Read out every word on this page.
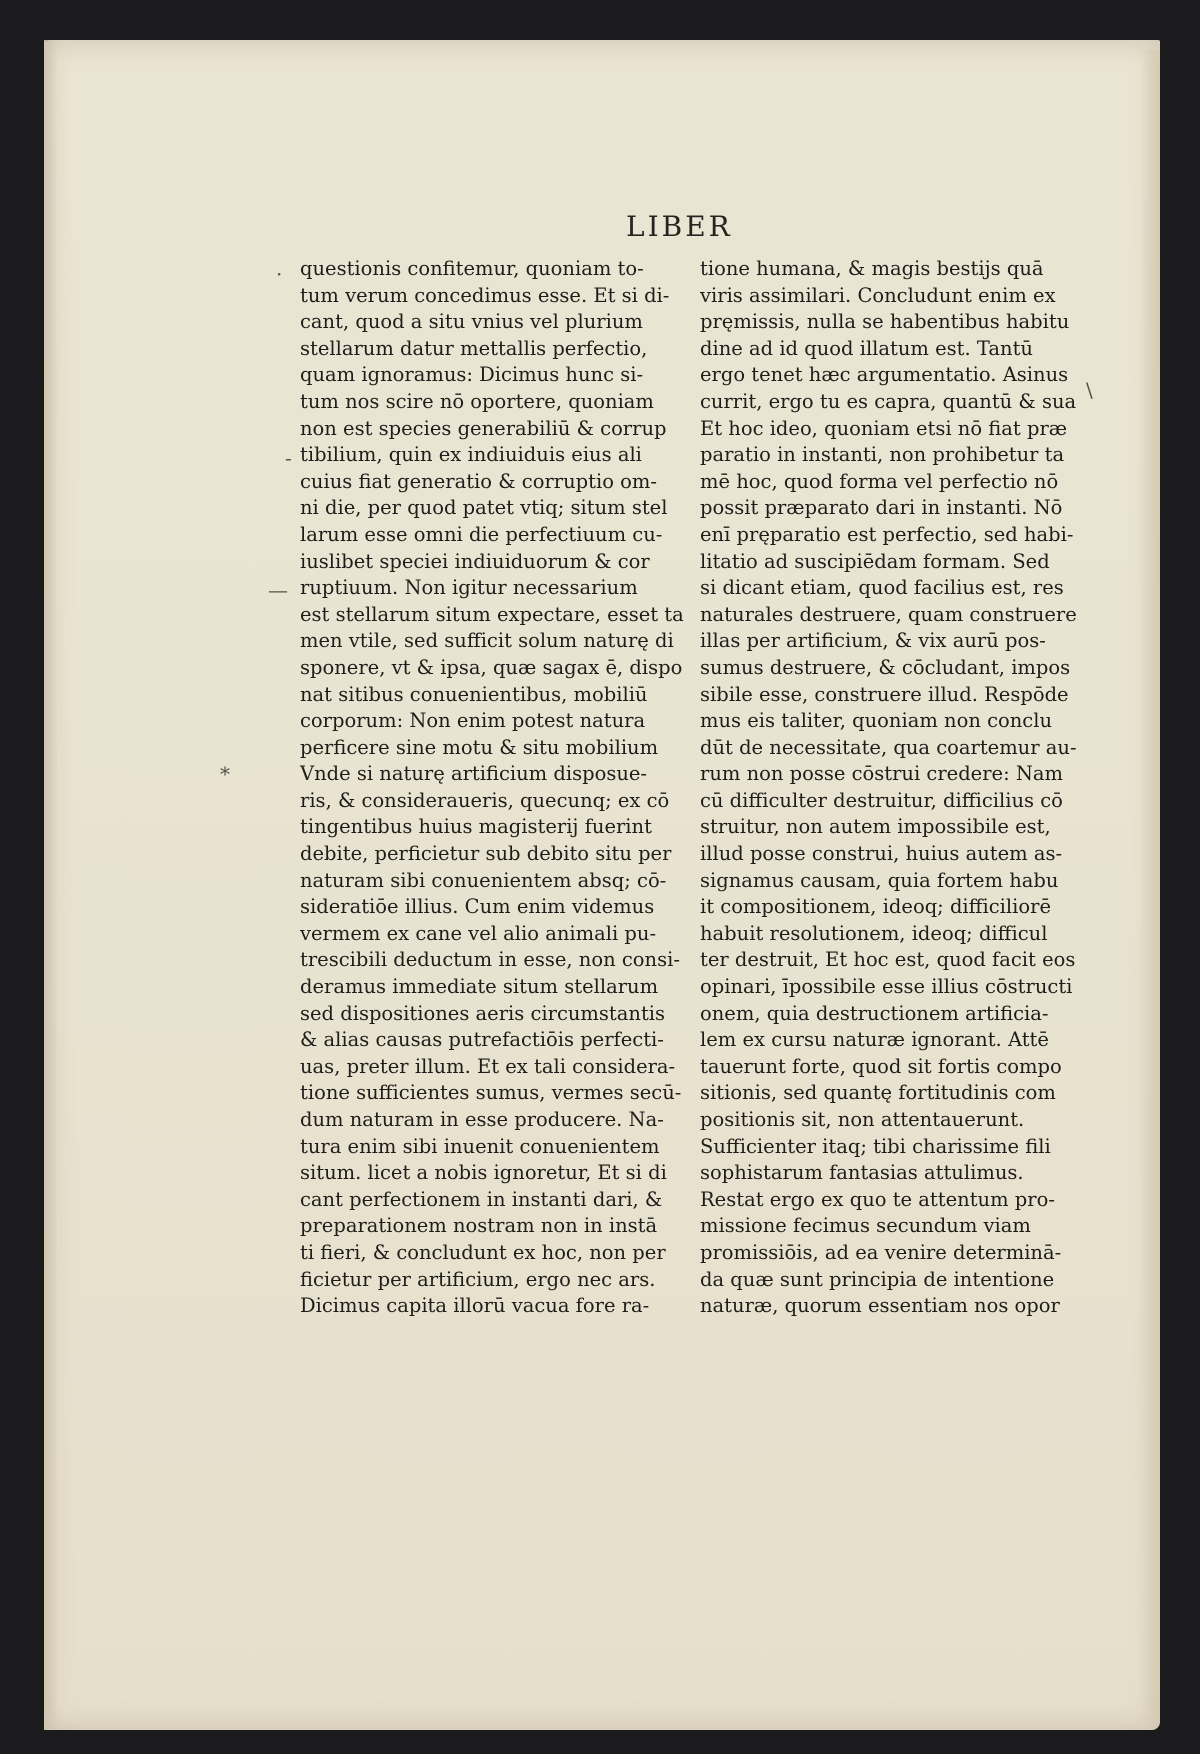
LIBER
·
-
—
*
\
questionis confitemur, quoniam to-
tum verum concedimus esse. Et si di-
cant, quod a situ vnius vel plurium
stellarum datur mettallis perfectio,
quam ignoramus: Dicimus hunc si-
tum nos scire nō oportere, quoniam
non est species generabiliū & corrup
tibilium, quin ex indiuiduis eius ali
cuius fiat generatio & corruptio om-
ni die, per quod patet vtiq; situm stel
larum esse omni die perfectiuum cu-
iuslibet speciei indiuiduorum & cor
ruptiuum. Non igitur necessarium
est stellarum situm expectare, esset ta
men vtile, sed sufficit solum naturę di
sponere, vt & ipsa, quæ sagax ē, dispo
nat sitibus conuenientibus, mobiliū
corporum: Non enim potest natura
perficere sine motu & situ mobilium
Vnde si naturę artificium disposue-
ris, & consideraueris, quecunq; ex cō
tingentibus huius magisterij fuerint
debite, perficietur sub debito situ per
naturam sibi conuenientem absq; cō-
sideratiōe illius. Cum enim videmus
vermem ex cane vel alio animali pu-
trescibili deductum in esse, non consi-
deramus immediate situm stellarum
sed dispositiones aeris circumstantis
& alias causas putrefactiōis perfecti-
uas, preter illum. Et ex tali considera-
tione sufficientes sumus, vermes secū-
dum naturam in esse producere. Na-
tura enim sibi inuenit conuenientem
situm. licet a nobis ignoretur, Et si di
cant perfectionem in instanti dari, &
preparationem nostram non in instā
ti fieri, & concludunt ex hoc, non per
ficietur per artificium, ergo nec ars.
Dicimus capita illorū vacua fore ra-
tione humana, & magis bestijs quā
viris assimilari. Concludunt enim ex
pręmissis, nulla se habentibus habitu
dine ad id quod illatum est. Tantū
ergo tenet hæc argumentatio. Asinus
currit, ergo tu es capra, quantū & sua
Et hoc ideo, quoniam etsi nō fiat præ
paratio in instanti, non prohibetur ta
mē hoc, quod forma vel perfectio nō
possit præparato dari in instanti. Nō
enī pręparatio est perfectio, sed habi-
litatio ad suscipiēdam formam. Sed
si dicant etiam, quod facilius est, res
naturales destruere, quam construere
illas per artificium, & vix aurū pos-
sumus destruere, & cōcludant, impos
sibile esse, construere illud. Respōde
mus eis taliter, quoniam non conclu
dūt de necessitate, qua coartemur au-
rum non posse cōstrui credere: Nam
cū difficulter destruitur, difficilius cō
struitur, non autem impossibile est,
illud posse construi, huius autem as-
signamus causam, quia fortem habu
it compositionem, ideoq; difficiliorē
habuit resolutionem, ideoq; difficul
ter destruit, Et hoc est, quod facit eos
opinari, īpossibile esse illius cōstructi
onem, quia destructionem artificia-
lem ex cursu naturæ ignorant. Attē
tauerunt forte, quod sit fortis compo
sitionis, sed quantę fortitudinis com
positionis sit, non attentauerunt.
Sufficienter itaq; tibi charissime fili
sophistarum fantasias attulimus.
Restat ergo ex quo te attentum pro-
missione fecimus secundum viam
promissiōis, ad ea venire determinā-
da quæ sunt principia de intentione
naturæ, quorum essentiam nos opor
